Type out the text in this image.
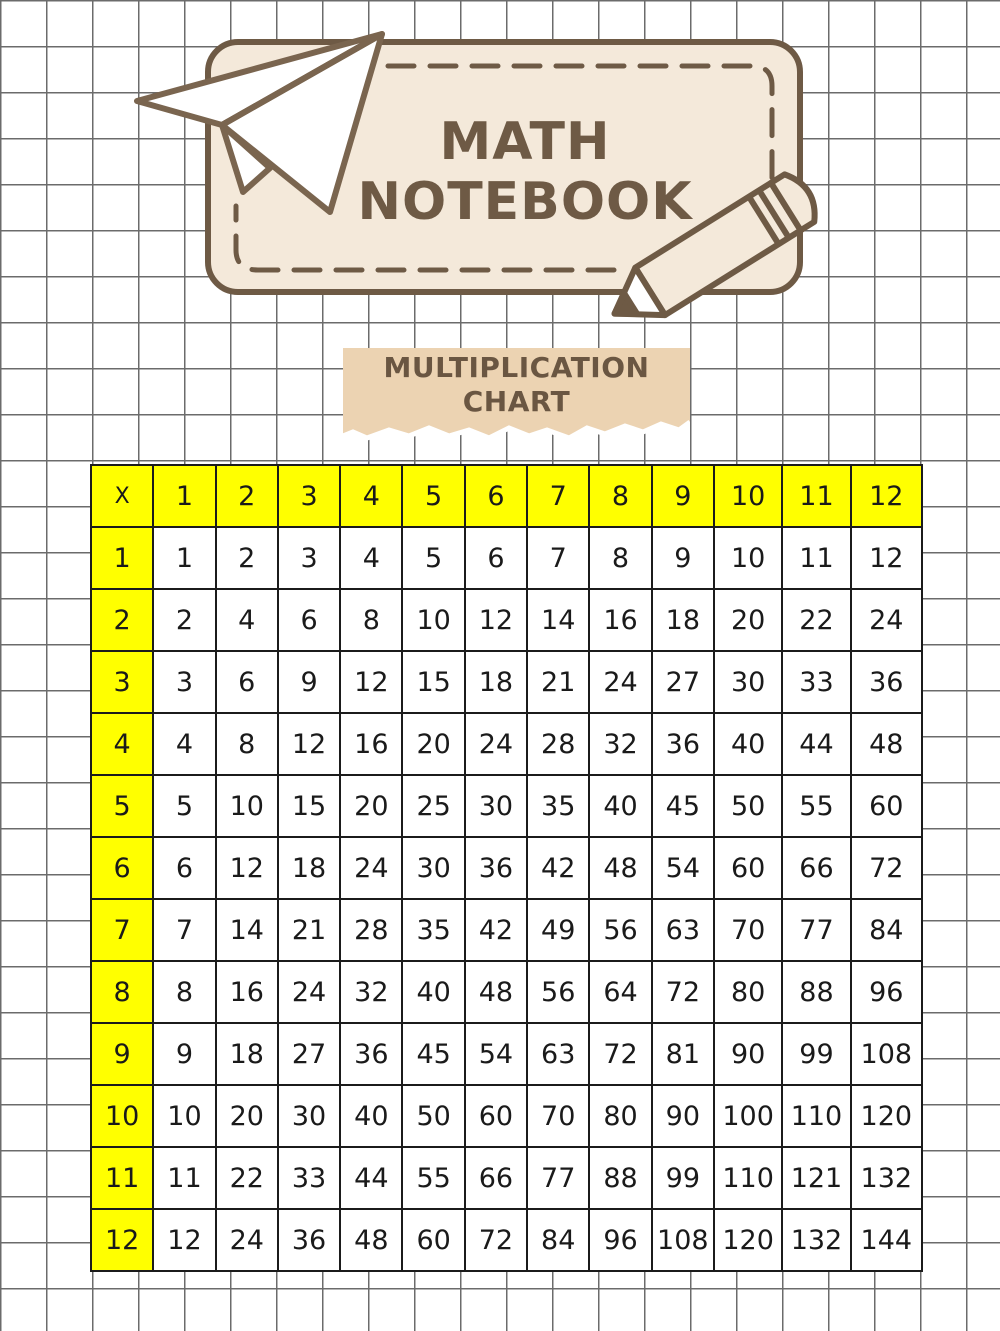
MATH
NOTEBOOK
MULTIPLICATION
CHART
X	1	2	3	4	5	6	7	8	9	10	11	12
1	1	2	3	4	5	6	7	8	9	10	11	12
2	2	4	6	8	10	12	14	16	18	20	22	24
3	3	6	9	12	15	18	21	24	27	30	33	36
4	4	8	12	16	20	24	28	32	36	40	44	48
5	5	10	15	20	25	30	35	40	45	50	55	60
6	6	12	18	24	30	36	42	48	54	60	66	72
7	7	14	21	28	35	42	49	56	63	70	77	84
8	8	16	24	32	40	48	56	64	72	80	88	96
9	9	18	27	36	45	54	63	72	81	90	99	108
10	10	20	30	40	50	60	70	80	90	100	110	120
11	11	22	33	44	55	66	77	88	99	110	121	132
12	12	24	36	48	60	72	84	96	108	120	132	144
